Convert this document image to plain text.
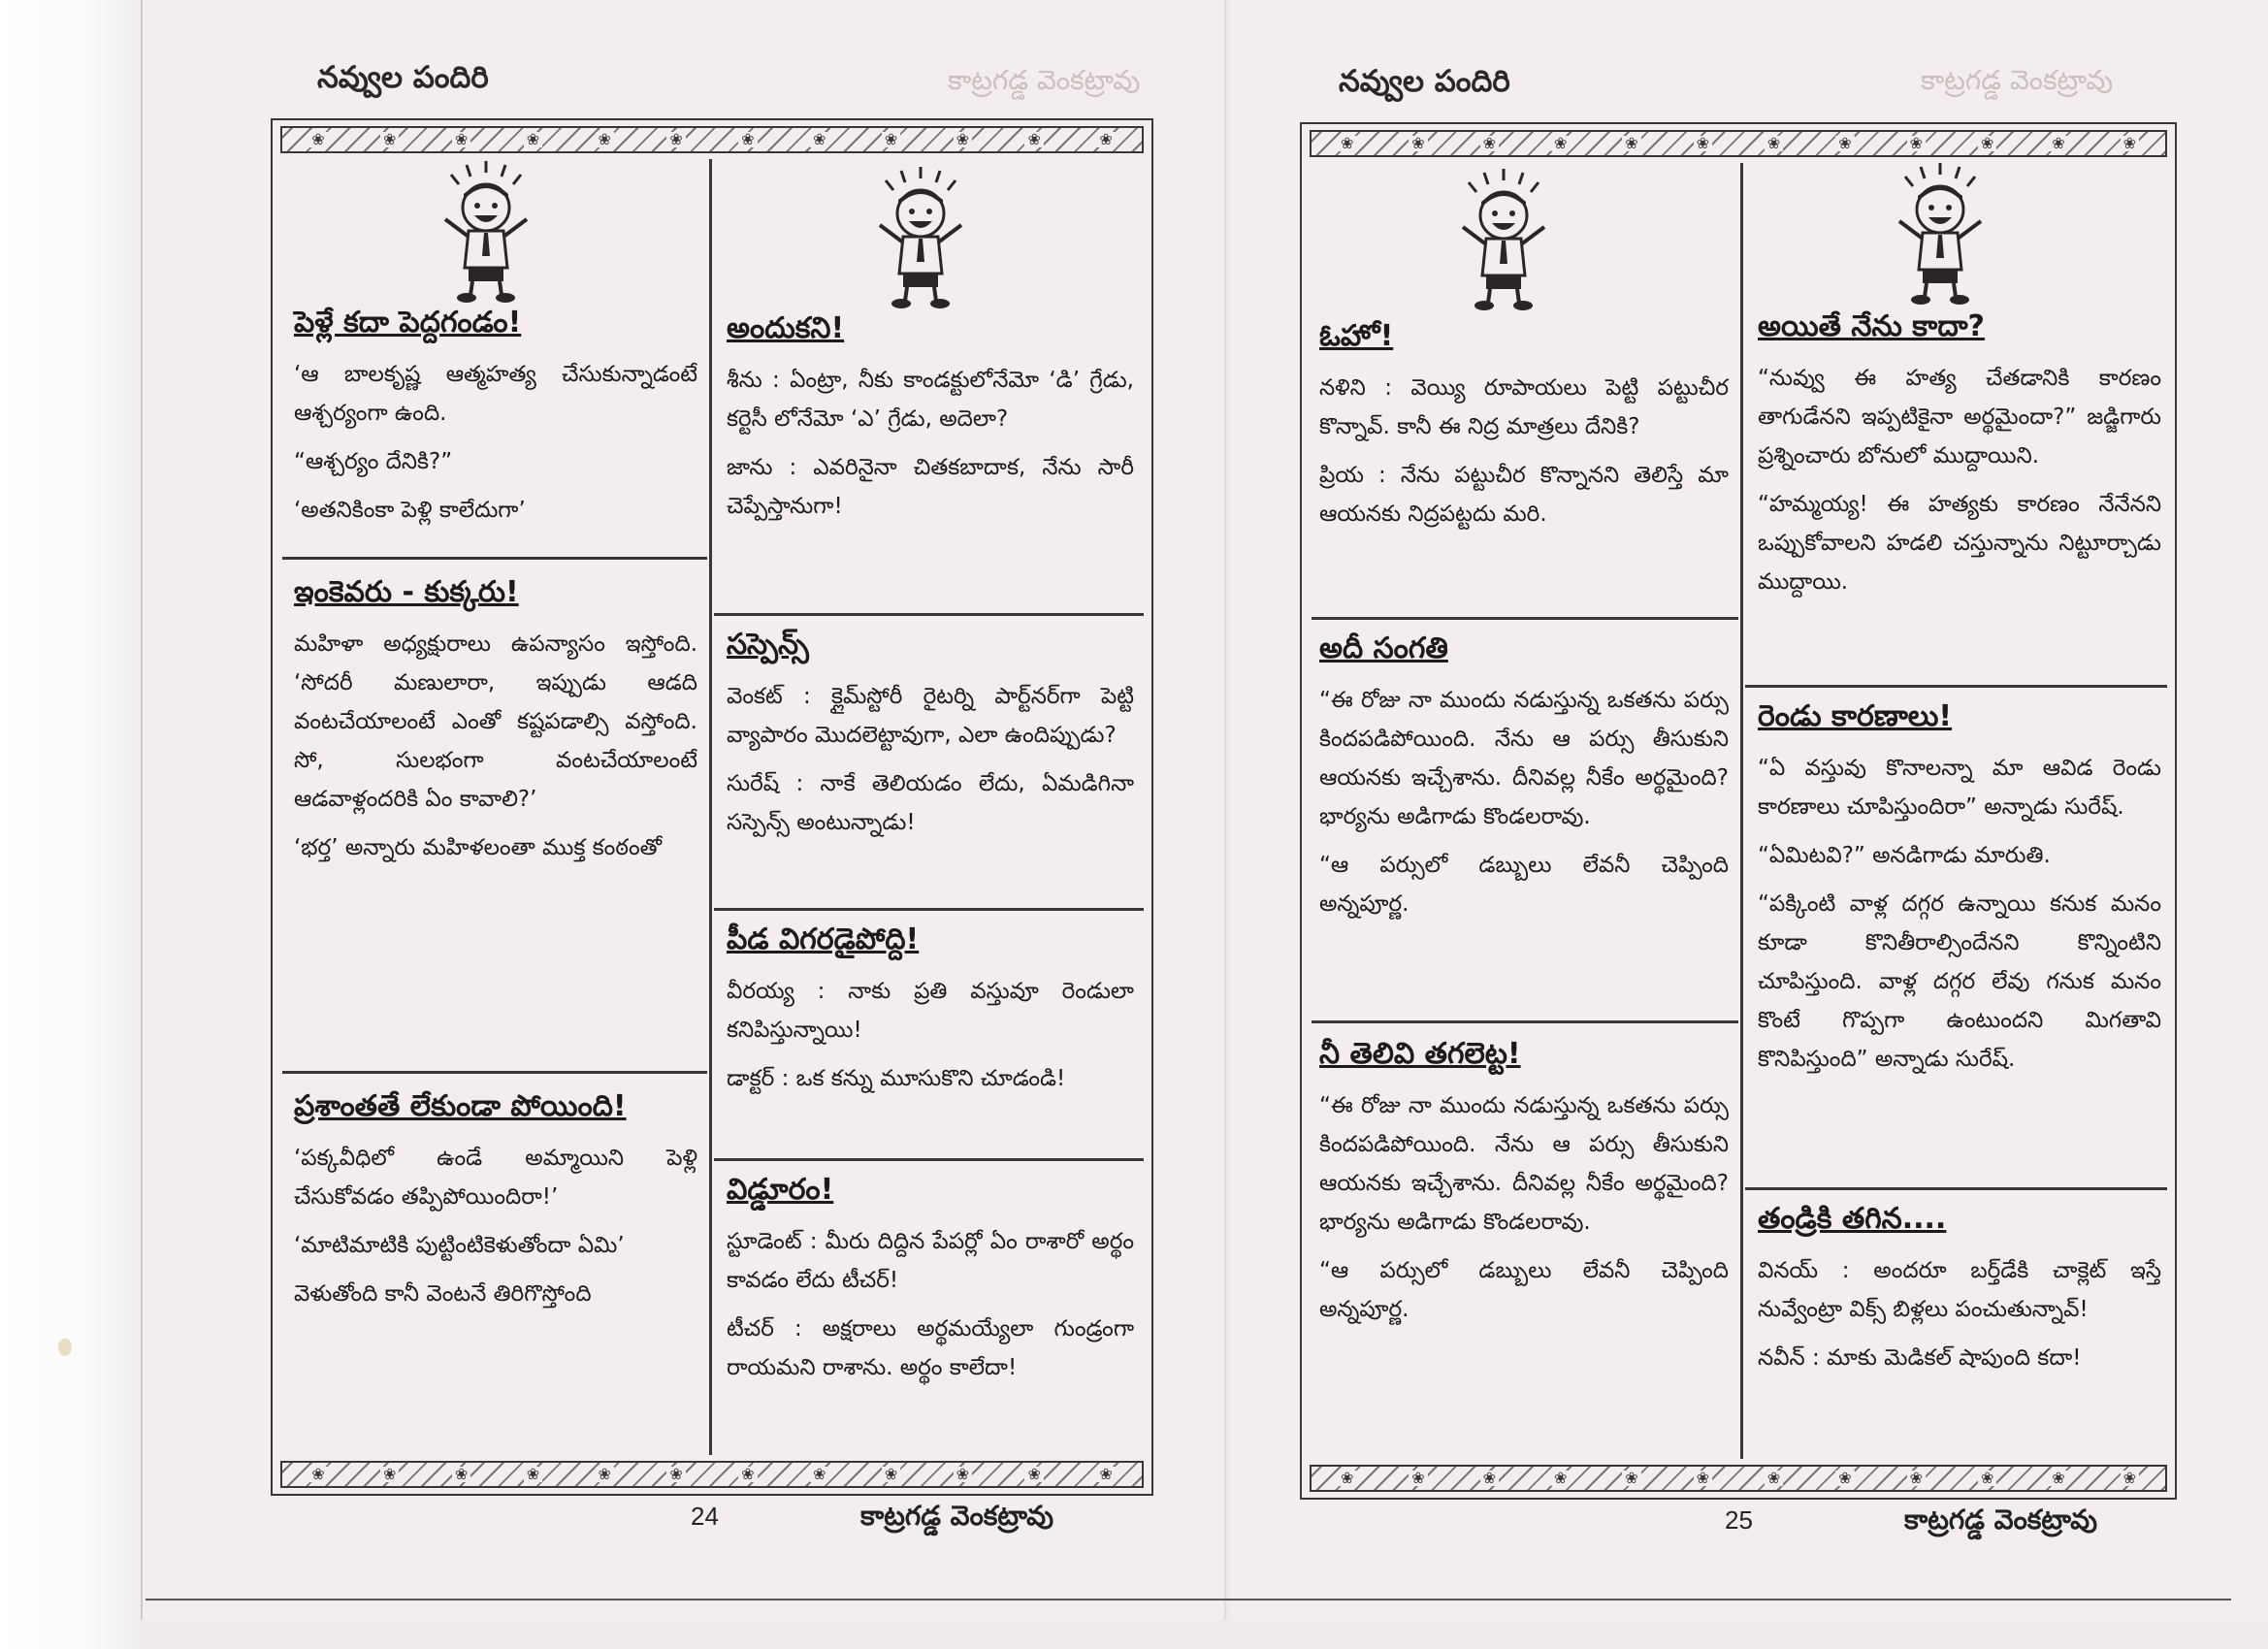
నవ్వుల పందిరి	కాట్రగడ్డ వెంకట్రావు
❀	❀	❀	❀	❀	❀	❀	❀	❀	❀	❀	❀
❀	❀	❀	❀	❀	❀	❀	❀	❀	❀	❀	❀
పెళ్లే కదా పెద్దగండం!

‘ఆ బాలకృష్ణ ఆత్మహత్య చేసుకున్నాడంటే ఆశ్చర్యంగా ఉంది.

“ఆశ్చర్యం దేనికి?”

‘అతనికింకా పెళ్లి కాలేదుగా’

ఇంకెవరు - కుక్కరు!

మహిళా అధ్యక్షురాలు ఉపన్యాసం ఇస్తోంది. ‘సోదరీ మణులారా, ఇప్పుడు ఆడది వంటచేయాలంటే ఎంతో కష్టపడాల్సి వస్తోంది. సో, సులభంగా వంటచేయాలంటే ఆడవాళ్లందరికి ఏం కావాలి?’

‘భర్త’ అన్నారు మహిళలంతా ముక్త కంఠంతో

ప్రశాంతతే లేకుండా పోయింది!

‘పక్కవీధిలో ఉండే అమ్మాయిని పెళ్లి చేసుకోవడం తప్పిపోయిందిరా!’

‘మాటిమాటికి పుట్టింటికెళుతోందా ఏమి’

వెళుతోంది కానీ వెంటనే తిరిగొస్తోంది

అందుకని!

శీను : ఏంట్రా, నీకు కాండక్టులోనేమో ‘డి’ గ్రేడు, కర్టెసీ లోనేమో ‘ఎ’ గ్రేడు, అదెలా?

జాను : ఎవరినైనా చితకబాదాక, నేను సారీ చెప్పేస్తానుగా!

సస్పెన్స్

వెంకట్ : క్లైమ్‌స్టోరీ రైటర్ని పార్ట్‌నర్‌గా పెట్టి వ్యాపారం మొదలెట్టావుగా, ఎలా ఉందిప్పుడు?

సురేష్ : నాకే తెలియడం లేదు, ఏమడిగినా సస్పెన్స్ అంటున్నాడు!

పీడ విగరడైపోద్ది!

వీరయ్య : నాకు ప్రతి వస్తువూ రెండులా కనిపిస్తున్నాయి!

డాక్టర్ : ఒక కన్ను మూసుకొని చూడండి!

విడ్డూరం!

స్టూడెంట్ : మీరు దిద్దిన పేపర్లో ఏం రాశారో అర్థం కావడం లేదు టీచర్!

టీచర్ : అక్షరాలు అర్థమయ్యేలా గుండ్రంగా రాయమని రాశాను. అర్థం కాలేదా!

24	కాట్రగడ్డ వెంకట్రావు
నవ్వుల పందిరి	కాట్రగడ్డ వెంకట్రావు
❀	❀	❀	❀	❀	❀	❀	❀	❀	❀	❀	❀
❀	❀	❀	❀	❀	❀	❀	❀	❀	❀	❀	❀
ఓహో!

నళిని : వెయ్యి రూపాయలు పెట్టి పట్టుచీర కొన్నావ్. కానీ ఈ నిద్ర మాత్రలు దేనికి?

ప్రియ : నేను పట్టుచీర కొన్నానని తెలిస్తే మా ఆయనకు నిద్రపట్టదు మరి.

అదీ సంగతి

“ఈ రోజు నా ముందు నడుస్తున్న ఒకతను పర్సు కిందపడిపోయింది. నేను ఆ పర్సు తీసుకుని ఆయనకు ఇచ్చేశాను. దీనివల్ల నీకేం అర్థమైంది? భార్యను అడిగాడు కొండలరావు.

“ఆ పర్సులో డబ్బులు లేవనీ చెప్పింది అన్నపూర్ణ.

నీ తెలివి తగలెట్ట!

“ఈ రోజు నా ముందు నడుస్తున్న ఒకతను పర్సు కిందపడిపోయింది. నేను ఆ పర్సు తీసుకుని ఆయనకు ఇచ్చేశాను. దీనివల్ల నీకేం అర్థమైంది? భార్యను అడిగాడు కొండలరావు.

“ఆ పర్సులో డబ్బులు లేవనీ చెప్పింది అన్నపూర్ణ.

అయితే నేను కాదా?

“నువ్వు ఈ హత్య చేతడానికి కారణం తాగుడేనని ఇప్పటికైనా అర్థమైందా?” జడ్జిగారు ప్రశ్నించారు బోనులో ముద్దాయిని.

“హమ్మయ్య! ఈ హత్యకు కారణం నేనేనని ఒప్పుకోవాలని హడలి చస్తున్నాను నిట్టూర్చాడు ముద్దాయి.

రెండు కారణాలు!

“ఏ వస్తువు కొనాలన్నా మా ఆవిడ రెండు కారణాలు చూపిస్తుందిరా” అన్నాడు సురేష్.

“ఏమిటవి?” అనడిగాడు మారుతి.

“పక్కింటి వాళ్ల దగ్గర ఉన్నాయి కనుక మనం కూడా కొనితీరాల్సిందేనని కొన్నింటిని చూపిస్తుంది. వాళ్ల దగ్గర లేవు గనుక మనం కొంటే గొప్పగా ఉంటుందని మిగతావి కొనిపిస్తుంది” అన్నాడు సురేష్.

తండ్రికి తగిన....

వినయ్ : అందరూ బర్త్‌డేకి చాక్లెట్ ఇస్తే నువ్వేంట్రా విక్స్ బిళ్లలు పంచుతున్నావ్!

నవీన్ : మాకు మెడికల్ షాపుంది కదా!

25	కాట్రగడ్డ వెంకట్రావు
